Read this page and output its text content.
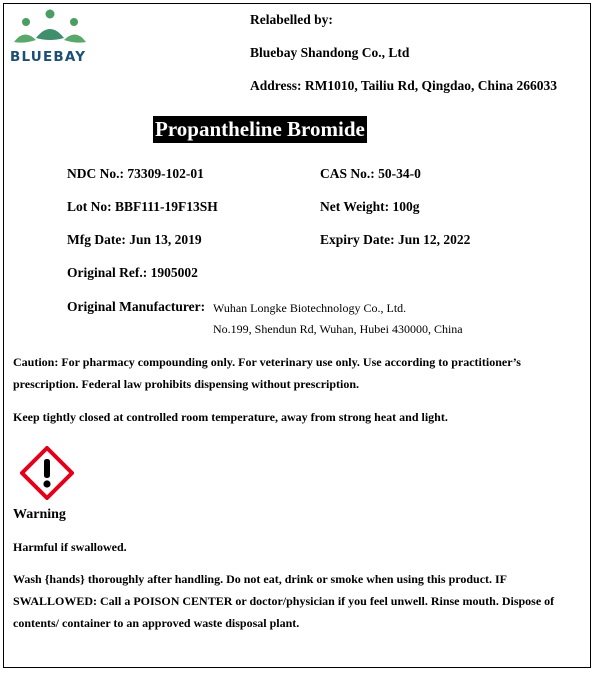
BLUEBAY
Relabelled by:
Bluebay Shandong Co., Ltd
Address: RM1010, Tailiu Rd, Qingdao, China 266033
Propantheline Bromide
NDC No.: 73309-102-01	CAS No.: 50-34-0
Lot No: BBF111-19F13SH	Net Weight: 100g
Mfg Date: Jun 13, 2019	Expiry Date: Jun 12, 2022
Original Ref.: 1905002
Original Manufacturer: Wuhan Longke Biotechnology Co., Ltd.
No.199, Shendun Rd, Wuhan, Hubei 430000, China
Caution: For pharmacy compounding only. For veterinary use only. Use according to practitioner’s prescription. Federal law prohibits dispensing without prescription.
Keep tightly closed at controlled room temperature, away from strong heat and light.
Warning
Harmful if swallowed.
Wash {hands} thoroughly after handling. Do not eat, drink or smoke when using this product. IF SWALLOWED: Call a POISON CENTER or doctor/physician if you feel unwell. Rinse mouth. Dispose of contents/ container to an approved waste disposal plant.
